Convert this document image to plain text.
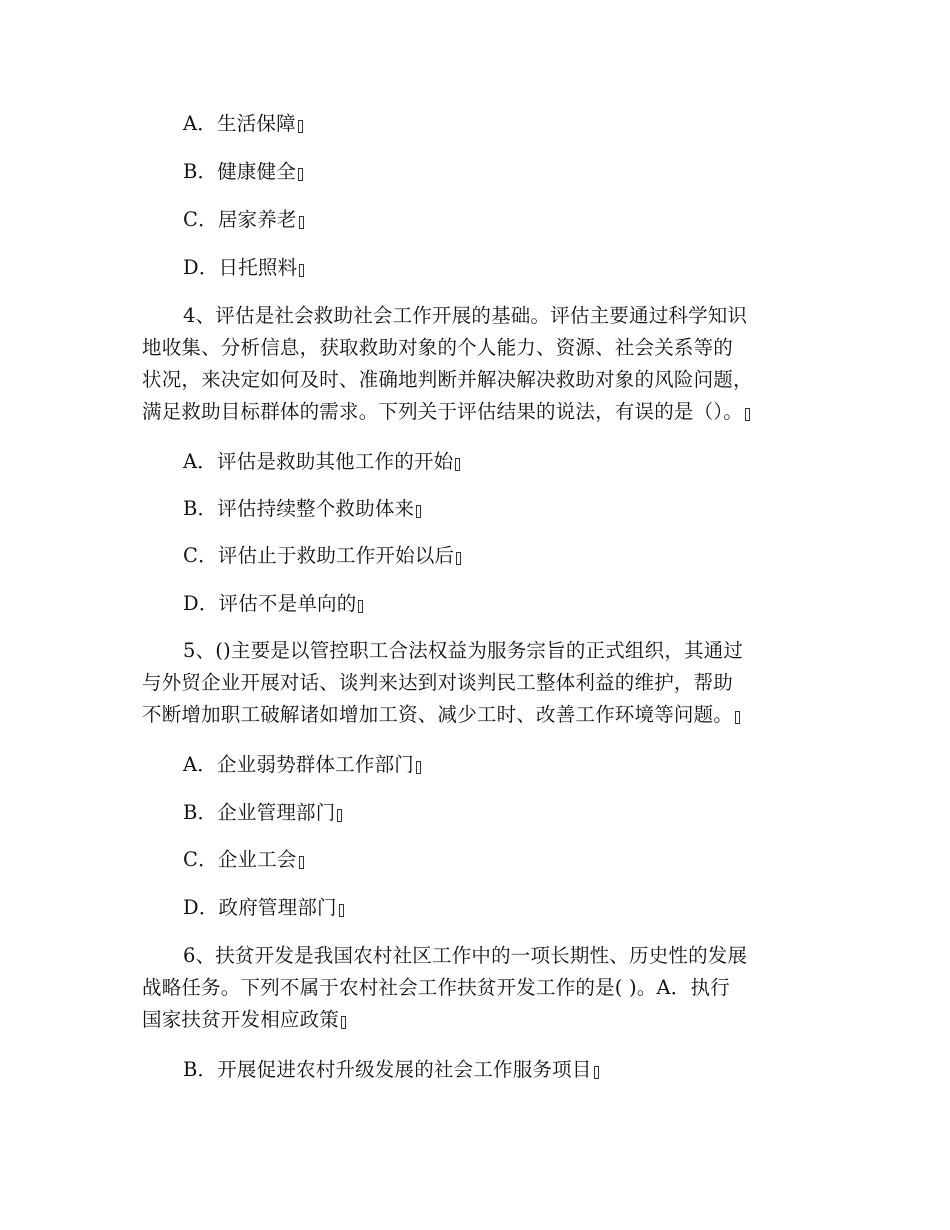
A．生活保障
B．健康健全
C．居家养老
D．日托照料
4、评估是社会救助社会工作开展的基础。评估主要通过科学知识
地收集、分析信息，获取救助对象的个人能力、资源、社会关系等的
状况，来决定如何及时、准确地判断并解决解决救助对象的风险问题，
满足救助目标群体的需求。下列关于评估结果的说法，有误的是（）。
A．评估是救助其他工作的开始
B．评估持续整个救助体来
C．评估止于救助工作开始以后
D．评估不是单向的
5、()主要是以管控职工合法权益为服务宗旨的正式组织，其通过
与外贸企业开展对话、谈判来达到对谈判民工整体利益的维护，帮助
不断增加职工破解诸如增加工资、减少工时、改善工作环境等问题。
A．企业弱势群体工作部门
B．企业管理部门
C．企业工会
D．政府管理部门
6、扶贫开发是我国农村社区工作中的一项长期性、历史性的发展
战略任务。下列不属于农村社会工作扶贫开发工作的是( )。A．执行
国家扶贫开发相应政策
B．开展促进农村升级发展的社会工作服务项目
